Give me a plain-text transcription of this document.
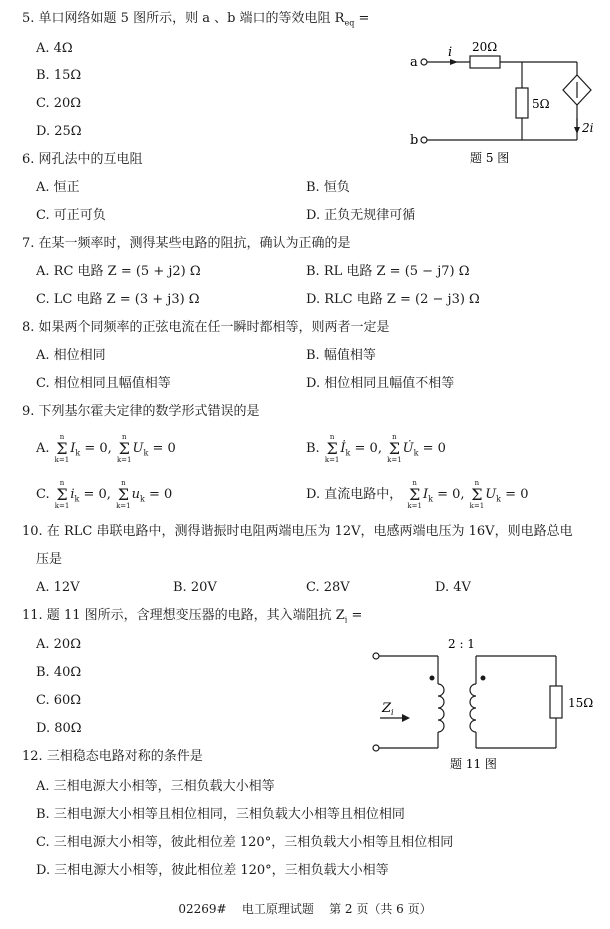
5. 单口网络如题 5 图所示，则 a 、b 端口的等效电阻 $R_{eq}$ =
A. 4Ω
B. 15Ω
C. 20Ω
D. 25Ω
a
b
i 20Ω
5Ω
2i
题 5 图
6. 网孔法中的互电阻
A. 恒正	B. 恒负
C. 可正可负	D. 正负无规律可循
7. 在某一频率时，测得某些电路的阻抗，确认为正确的是
A. RC 电路 Z = (5 + j2) Ω	B. RL 电路 Z = (5 − j7) Ω
C. LC 电路 Z = (3 + j3) Ω	D. RLC 电路 Z = (2 − j3) Ω
8. 如果两个同频率的正弦电流在任一瞬时都相等，则两者一定是
A. 相位相同	B. 幅值相等
C. 相位相同且幅值相等	D. 相位相同且幅值不相等
9. 下列基尔霍夫定律的数学形式错误的是
A.
n
Σ
k=1
$I_k = 0$,
n
Σ
k=1
$U_k = 0$	B.
n
Σ
k=1
$İ_k = 0$,
n
Σ
k=1
$U̇_k = 0$
C.
n
Σ
k=1
$i_k = 0$,
n
Σ
k=1
$u_k = 0$	D. 直流电路中，
n
Σ
k=1
$I_k = 0$,
n
Σ
k=1
$U_k = 0$
10. 在 RLC 串联电路中，测得谐振时电阻两端电压为 12V，电感两端电压为 16V，则电路总电
压是
A. 12V	B. 20V	C. 28V	D. 4V
11. 题 11 图所示，含理想变压器的电路，其入端阻抗 $Z_i$ =
A. 20Ω
B. 40Ω
C. 60Ω
D. 80Ω
2 : 1
15Ω
$Z_i$
题 11 图
12. 三相稳态电路对称的条件是
A. 三相电源大小相等，三相负载大小相等
B. 三相电源大小相等且相位相同，三相负载大小相等且相位相同
C. 三相电源大小相等，彼此相位差 120°，三相负载大小相等且相位相同
D. 三相电源大小相等，彼此相位差 120°，三相负载大小相等
02269#    电工原理试题    第 2 页（共 6 页）
